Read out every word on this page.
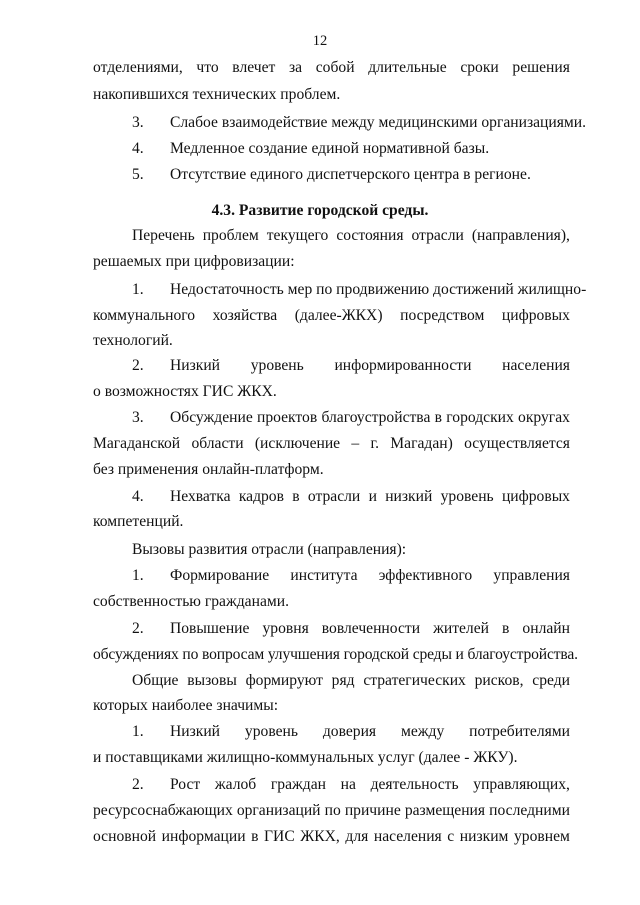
12
отделениями, что влечет за собой длительные сроки решения
накопившихся технических проблем.
3. Слабое взаимодействие между медицинскими организациями.
4. Медленное создание единой нормативной базы.
5. Отсутствие единого диспетчерского центра в регионе.
4.3. Развитие городской среды.
Перечень проблем текущего состояния отрасли (направления),
решаемых при цифровизации:
1. Недостаточность мер по продвижению достижений жилищно-
коммунального хозяйства (далее-ЖКХ) посредством цифровых
технологий.
2. Низкий уровень информированности населения
о возможностях ГИС ЖКХ.
3. Обсуждение проектов благоустройства в городских округах
Магаданской области (исключение – г. Магадан) осуществляется
без применения онлайн-платформ.
4. Нехватка кадров в отрасли и низкий уровень цифровых
компетенций.
Вызовы развития отрасли (направления):
1. Формирование института эффективного управления
собственностью гражданами.
2. Повышение уровня вовлеченности жителей в онлайн
обсуждениях по вопросам улучшения городской среды и благоустройства.
Общие вызовы формируют ряд стратегических рисков, среди
которых наиболее значимы:
1. Низкий уровень доверия между потребителями
и поставщиками жилищно-коммунальных услуг (далее - ЖКУ).
2. Рост жалоб граждан на деятельность управляющих,
ресурсоснабжающих организаций по причине размещения последними
основной информации в ГИС ЖКХ, для населения с низким уровнем
